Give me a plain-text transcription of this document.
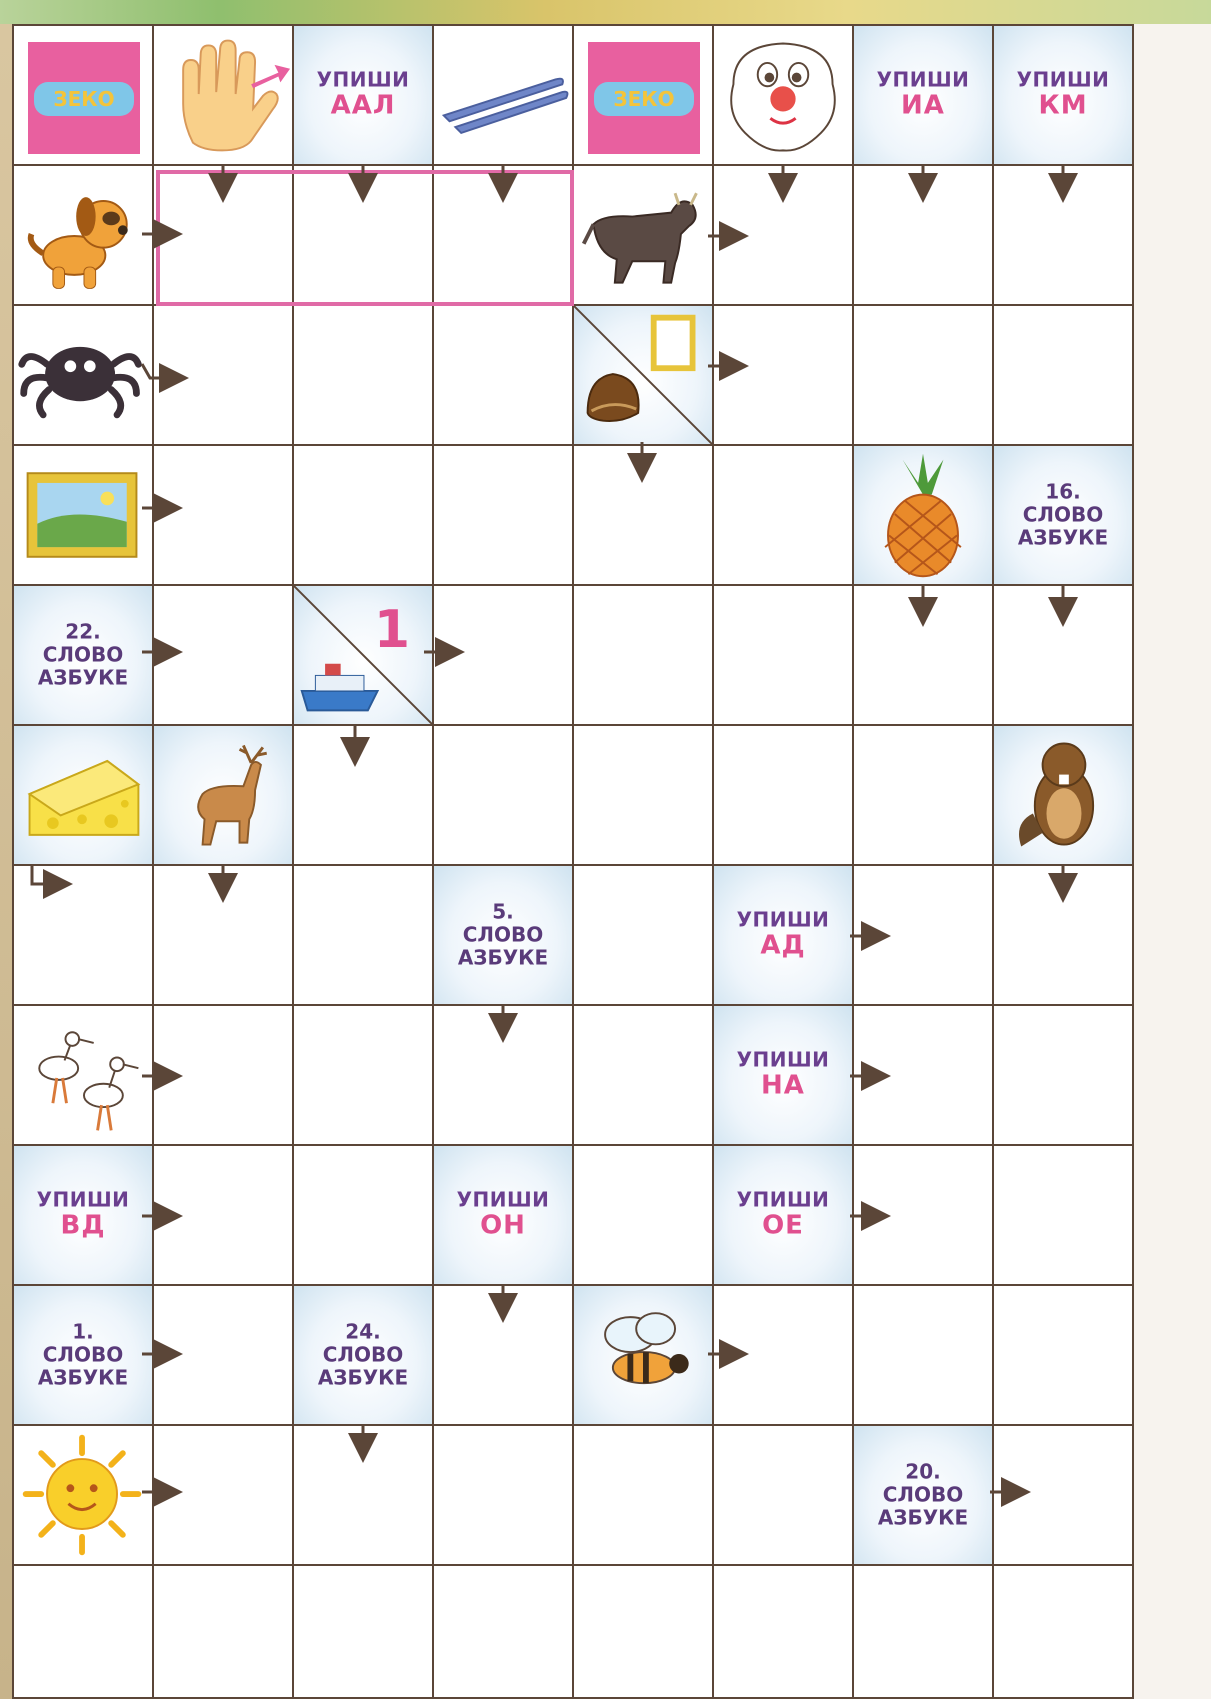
ЗЕКО
УПИШИ
ААЛ	ЗЕКО
УПИШИ
ИА
УПИШИ
КМ
16.
СЛОВО
АЗБУКЕ
22.
СЛОВО
АЗБУКЕ
1
5.
СЛОВО
АЗБУКЕ
УПИШИ
АД
УПИШИ
НА
УПИШИ
ВД
УПИШИ
ОН
УПИШИ
ОЕ
1.
СЛОВО
АЗБУКЕ
24.
СЛОВО
АЗБУКЕ
20.
СЛОВО
АЗБУКЕ
